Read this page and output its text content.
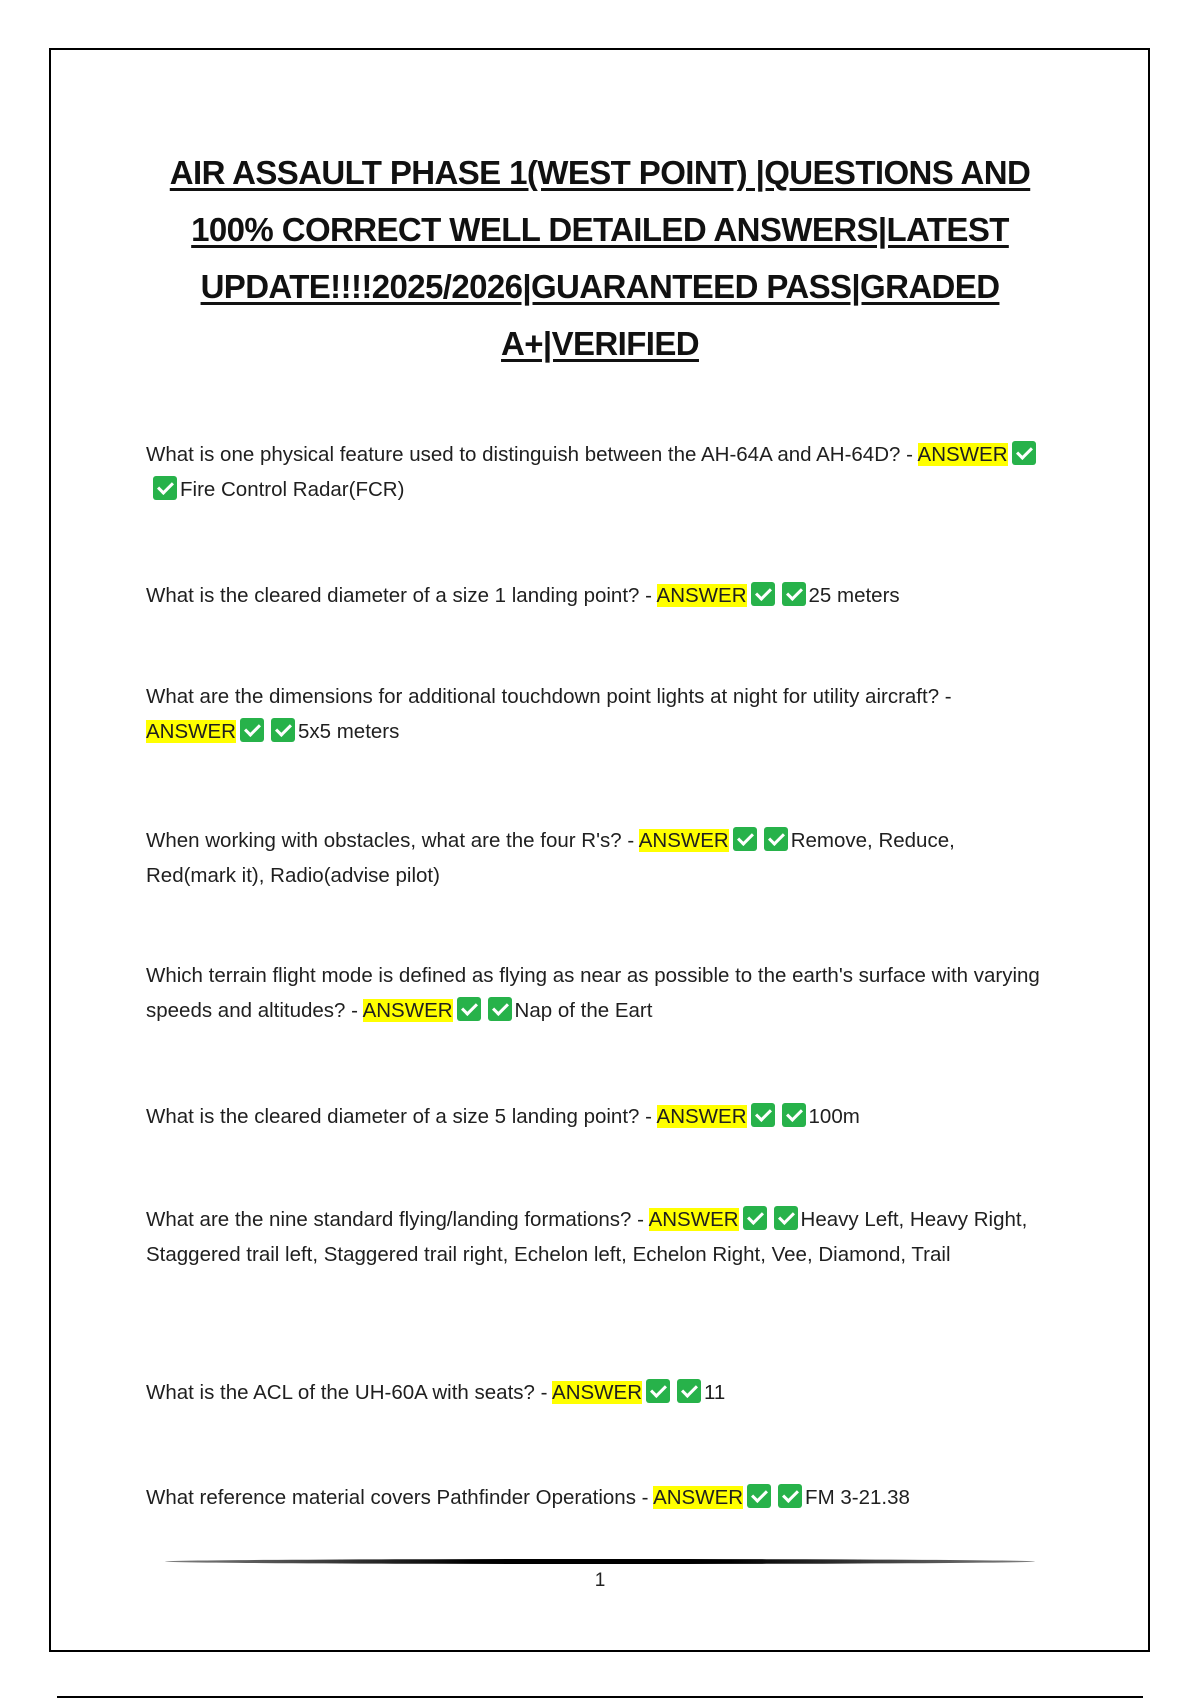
AIR ASSAULT PHASE 1(WEST POINT) |QUESTIONS AND 100% CORRECT WELL DETAILED ANSWERS|LATEST UPDATE!!!!2025/2026|GUARANTEED PASS|GRADED A+|VERIFIED

What is one physical feature used to distinguish between the AH-64A and AH-64D? - ANSWERFire Control Radar(FCR)

What is the cleared diameter of a size 1 landing point? - ANSWER	25 meters

What are the dimensions for additional touchdown point lights at night for utility aircraft? - ANSWER	5x5 meters

When working with obstacles, what are the four R's? - ANSWER	Remove, Reduce, Red(mark it), Radio(advise pilot)

Which terrain flight mode is defined as flying as near as possible to the earth's surface with varying speeds and altitudes? - ANSWER	Nap of the Eart

What is the cleared diameter of a size 5 landing point? - ANSWER	100m

What are the nine standard flying/landing formations? - ANSWER	Heavy Left, Heavy Right, Staggered trail left, Staggered trail right, Echelon left, Echelon Right, Vee, Diamond, Trail

What is the ACL of the UH-60A with seats? - ANSWER	11

What reference material covers Pathfinder Operations - ANSWER	FM 3-21.38

1
